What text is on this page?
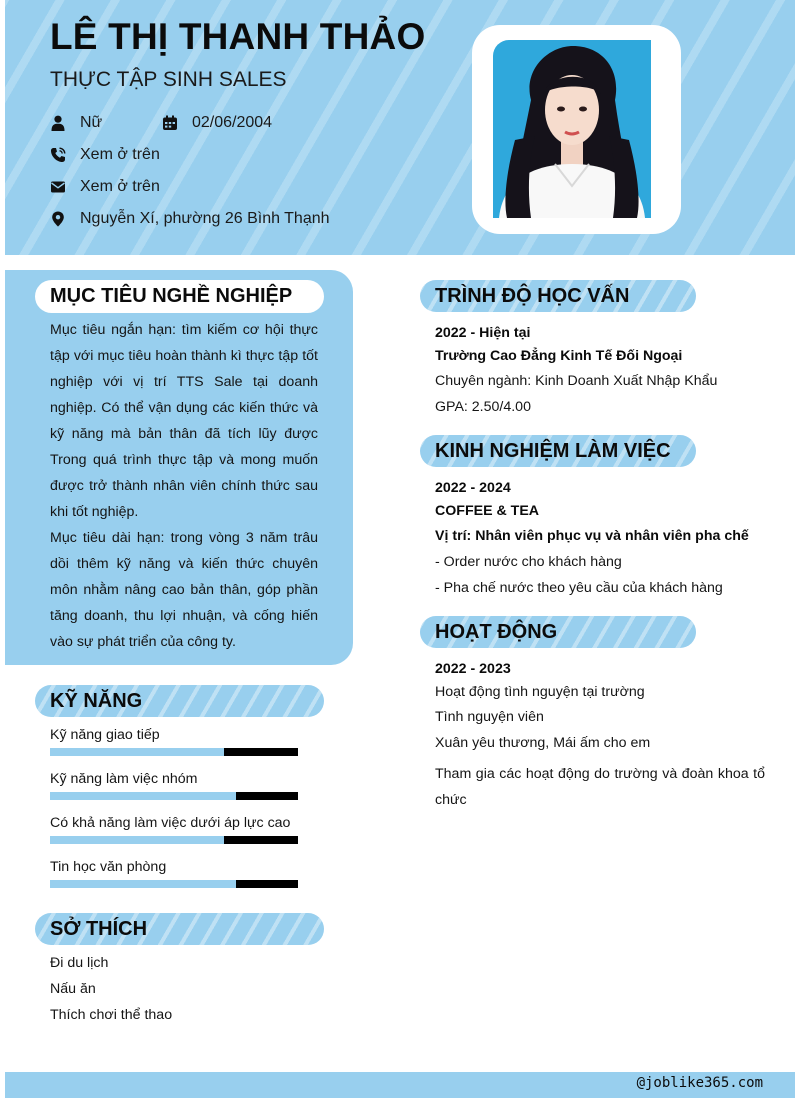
LÊ THỊ THANH THẢO
THỰC TẬP SINH SALES
Nữ	02/06/2004
Xem ở trên
Xem ở trên
Nguyễn Xí, phường 26 Bình Thạnh
MỤC TIÊU NGHỀ NGHIỆP

Mục tiêu ngắn hạn: tìm kiếm cơ hội thực tập với mục tiêu hoàn thành kì thực tập tốt nghiệp với vị trí TTS Sale tại doanh nghiệp. Có thể vận dụng các kiến thức và kỹ năng mà bản thân đã tích lũy được Trong quá trình thực tập và mong muốn được trở thành nhân viên chính thức sau khi tốt nghiệp.

Mục tiêu dài hạn: trong vòng 3 năm trâu dồi thêm kỹ năng và kiến thức chuyên môn nhằm nâng cao bản thân, góp phần tăng doanh, thu lợi nhuận, và cống hiến vào sự phát triển của công ty.

KỸ NĂNG
Kỹ năng giao tiếp
Kỹ năng làm việc nhóm
Có khả năng làm việc dưới áp lực cao
Tin học văn phòng
SỞ THÍCH
Đi du lịch
Nấu ăn
Thích chơi thể thao
TRÌNH ĐỘ HỌC VẤN
2022 - Hiện tại
Trường Cao Đẳng Kinh Tế Đối Ngoại
Chuyên ngành: Kinh Doanh Xuất Nhập Khẩu
GPA: 2.50/4.00
KINH NGHIỆM LÀM VIỆC
2022 - 2024
COFFEE & TEA
Vị trí: Nhân viên phục vụ và nhân viên pha chế
- Order nước cho khách hàng
- Pha chế nước theo yêu cầu của khách hàng
HOẠT ĐỘNG
2022 - 2023
Hoạt động tình nguyện tại trường
Tình nguyện viên
Xuân yêu thương, Mái ấm cho em
Tham gia các hoạt động do trường và đoàn khoa tổ chức
@joblike365.com
